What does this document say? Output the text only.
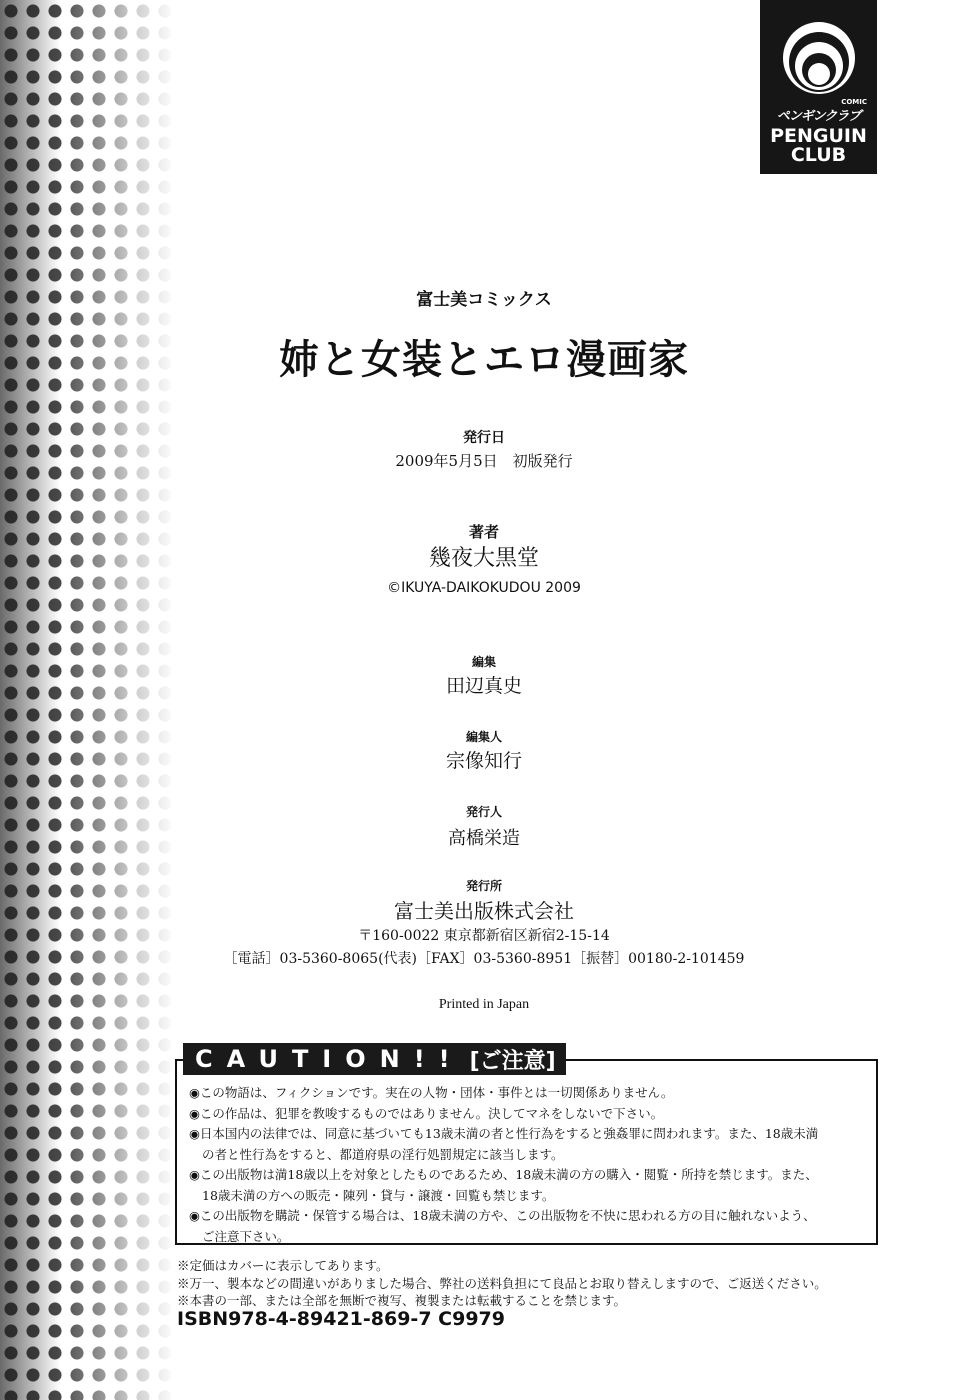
COMIC
ペンギンクラブ
PENGUIN
CLUB
富士美コミックス
姉と女装とエロ漫画家
発行日
2009年5月5日　初版発行
著者
幾夜大黒堂
©IKUYA-DAIKOKUDOU 2009
編集
田辺真史
編集人
宗像知行
発行人
高橋栄造
発行所
富士美出版株式会社
〒160-0022 東京都新宿区新宿2-15-14
［電話］03-5360-8065(代表)［FAX］03-5360-8951［振替］00180-2-101459
Printed in Japan
CAUTION!! [ご注意]
◉この物語は、フィクションです。実在の人物・団体・事件とは一切関係ありません。
◉この作品は、犯罪を教唆するものではありません。決してマネをしないで下さい。
◉日本国内の法律では、同意に基づいても13歳未満の者と性行為をすると強姦罪に問われます。また、18歳未満
の者と性行為をすると、都道府県の淫行処罰規定に該当します。
◉この出版物は満18歳以上を対象としたものであるため、18歳未満の方の購入・閲覧・所持を禁じます。また、
18歳未満の方への販売・陳列・貸与・譲渡・回覧も禁じます。
◉この出版物を購読・保管する場合は、18歳未満の方や、この出版物を不快に思われる方の目に触れないよう、
ご注意下さい。
※定価はカバーに表示してあります。
※万一、製本などの間違いがありました場合、弊社の送料負担にて良品とお取り替えしますので、ご返送ください。
※本書の一部、または全部を無断で複写、複製または転載することを禁じます。
ISBN978-4-89421-869-7 C9979
